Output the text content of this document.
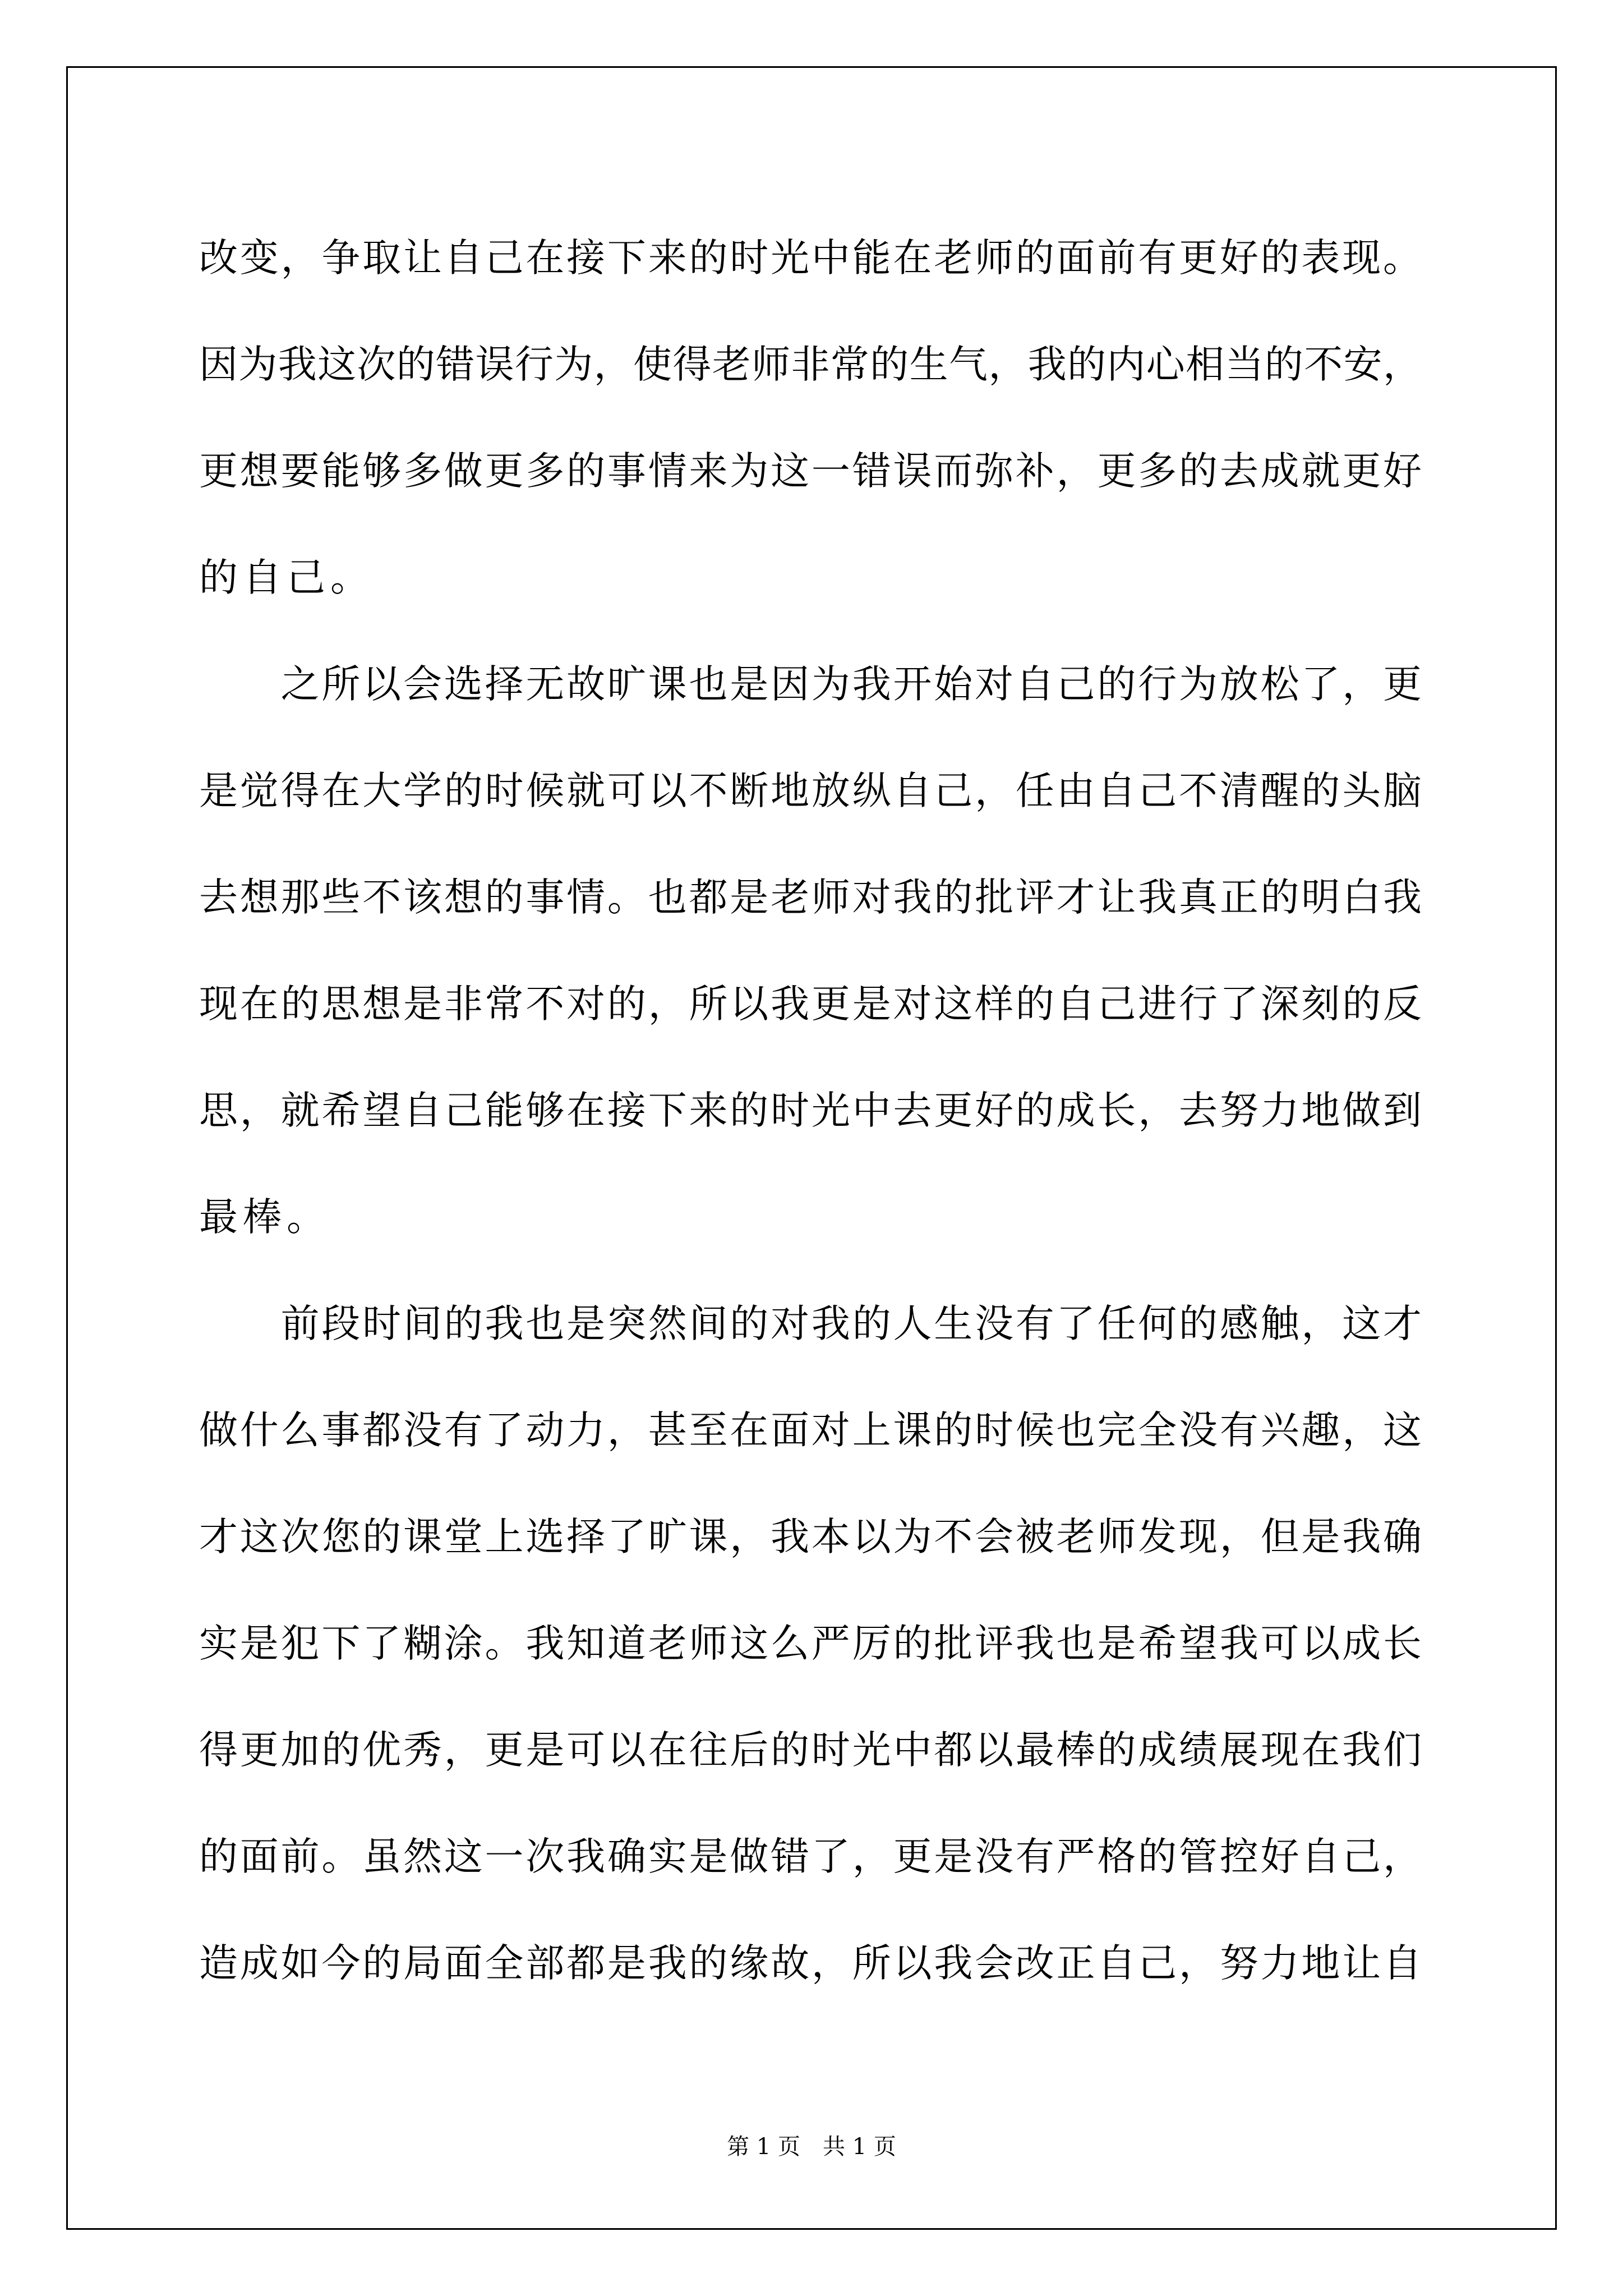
改变，争取让自己在接下来的时光中能在老师的面前有更好的表现。
因为我这次的错误行为，使得老师非常的生气，我的内心相当的不安，
更想要能够多做更多的事情来为这一错误而弥补，更多的去成就更好
的自己。
　　之所以会选择无故旷课也是因为我开始对自己的行为放松了，更
是觉得在大学的时候就可以不断地放纵自己，任由自己不清醒的头脑
去想那些不该想的事情。也都是老师对我的批评才让我真正的明白我
现在的思想是非常不对的，所以我更是对这样的自己进行了深刻的反
思，就希望自己能够在接下来的时光中去更好的成长，去努力地做到
最棒。
　　前段时间的我也是突然间的对我的人生没有了任何的感触，这才
做什么事都没有了动力，甚至在面对上课的时候也完全没有兴趣，这
才这次您的课堂上选择了旷课，我本以为不会被老师发现，但是我确
实是犯下了糊涂。我知道老师这么严厉的批评我也是希望我可以成长
得更加的优秀，更是可以在往后的时光中都以最棒的成绩展现在我们
的面前。虽然这一次我确实是做错了，更是没有严格的管控好自己，
造成如今的局面全部都是我的缘故，所以我会改正自己，努力地让自
第 1 页　共 1 页
